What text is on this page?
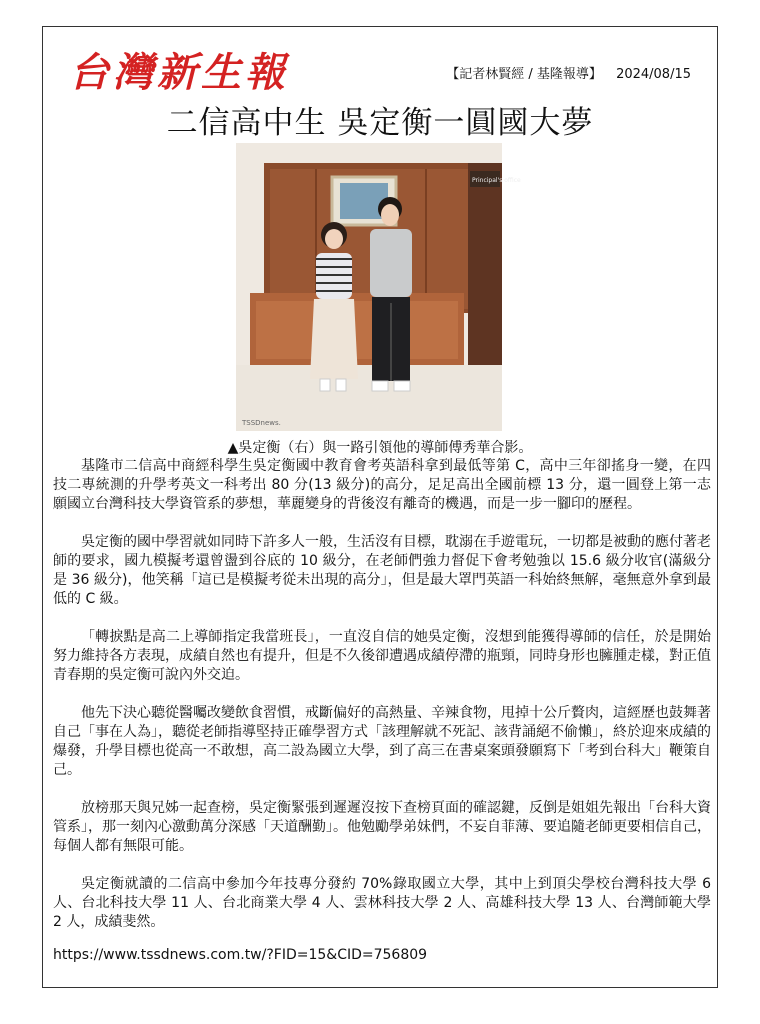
台灣新生報	【記者林賢經 / 基隆報導】 2024/08/15
二信高中生 吳定衡一圓國大夢
Principal's office
TSSDnews.
▲吳定衡（右）與一路引領他的導師傅秀華合影。

基隆市二信高中商經科學生吳定衡國中教育會考英語科拿到最低等第 C，高中三年卻搖身一變，在四技二專統測的升學考英文一科考出 80 分(13 級分)的高分，足足高出全國前標 13 分，還一圓登上第一志願國立台灣科技大學資管系的夢想，華麗變身的背後沒有離奇的機遇，而是一步一腳印的歷程。

吳定衡的國中學習就如同時下許多人一般，生活沒有目標，耽溺在手遊電玩，一切都是被動的應付著老師的要求，國九模擬考還曾盪到谷底的 10 級分，在老師們強力督促下會考勉強以 15.6 級分收官(滿級分是 36 級分)，他笑稱「這已是模擬考從未出現的高分」，但是最大罩門英語一科始終無解，毫無意外拿到最低的 C 級。

「轉捩點是高二上導師指定我當班長」，一直沒自信的她吳定衡，沒想到能獲得導師的信任，於是開始努力維持各方表現，成績自然也有提升，但是不久後卻遭遇成績停滯的瓶頸，同時身形也臃腫走樣，對正值青春期的吳定衡可說內外交迫。

他先下決心聽從醫囑改變飲食習慣，戒斷偏好的高熱量、辛辣食物，甩掉十公斤贅肉，這經歷也鼓舞著自己「事在人為」，聽從老師指導堅持正確學習方式「該理解就不死記、該背誦絕不偷懶」，終於迎來成績的爆發，升學目標也從高一不敢想，高二設為國立大學，到了高三在書桌案頭發願寫下「考到台科大」鞭策自己。

放榜那天與兄姊一起查榜，吳定衡緊張到遲遲沒按下查榜頁面的確認鍵，反倒是姐姐先報出「台科大資管系」，那一刻內心激動萬分深感「天道酬勤」。他勉勵學弟妹們，不妄自菲薄、要追隨老師更要相信自己，每個人都有無限可能。

吳定衡就讀的二信高中參加今年技專分發約 70%錄取國立大學，其中上到頂尖學校台灣科技大學 6 人、台北科技大學 11 人、台北商業大學 4 人、雲林科技大學 2 人、高雄科技大學 13 人、台灣師範大學 2 人，成績斐然。

https://www.tssdnews.com.tw/?FID=15&CID=756809
